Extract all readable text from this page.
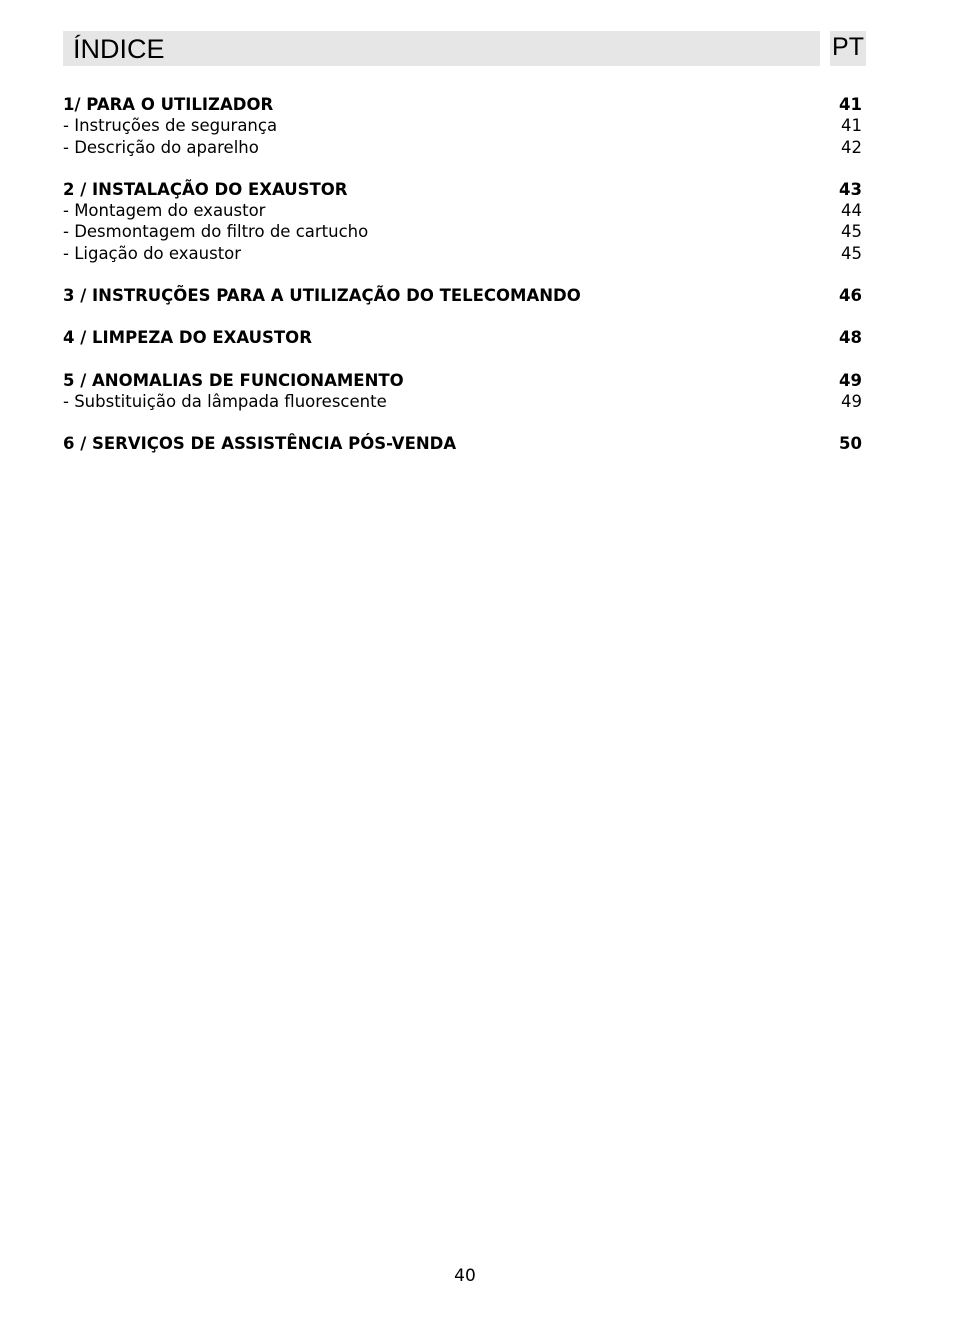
ÍNDICE	PT
1/ PARA O UTILIZADOR	41
- Instruções de segurança	41
- Descrição do aparelho	42
2 / INSTALAÇÃO DO EXAUSTOR	43
- Montagem do exaustor	44
- Desmontagem do filtro de cartucho	45
- Ligação do exaustor	45
3 / INSTRUÇÕES PARA A UTILIZAÇÃO DO TELECOMANDO	46
4 / LIMPEZA DO EXAUSTOR	48
5 / ANOMALIAS DE FUNCIONAMENTO	49
- Substituição da lâmpada fluorescente	49
6 / SERVIÇOS DE ASSISTÊNCIA PÓS-VENDA	50
40
